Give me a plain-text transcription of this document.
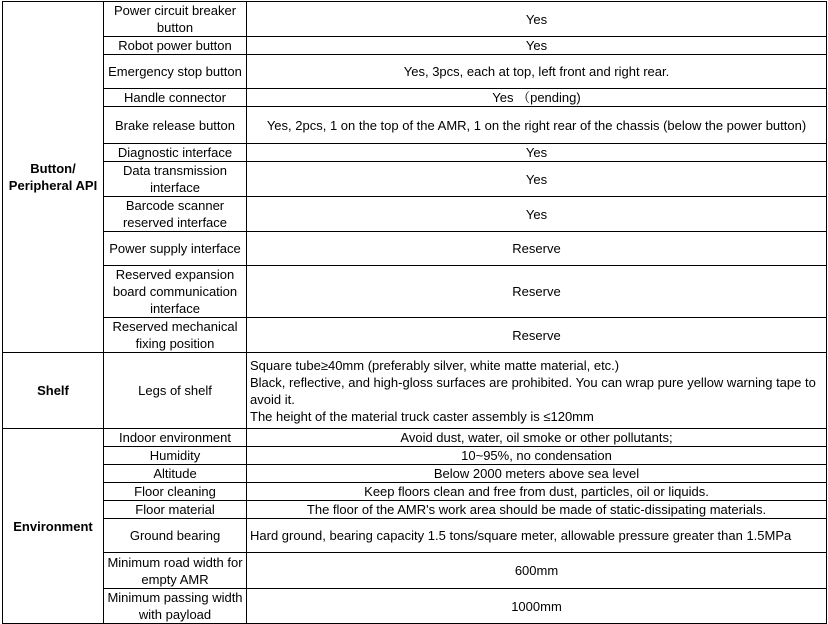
Button/
Peripheral API	Power circuit breaker button	Yes
	Robot power button	Yes
	Emergency stop button	Yes, 3pcs, each at top, left front and right rear.
	Handle connector	Yes （pending)
	Brake release button	Yes, 2pcs, 1 on the top of the AMR, 1 on the right rear of the chassis (below the power button)
	Diagnostic interface	Yes
	Data transmission interface	Yes
	Barcode scanner reserved interface	Yes
	Power supply interface	Reserve
	Reserved expansion board communication interface	Reserve
	Reserved mechanical fixing position	Reserve
Shelf	Legs of shelf	Square tube≥40mm (preferably silver, white matte material, etc.)
Black, reflective, and high-gloss surfaces are prohibited. You can wrap pure yellow warning tape to avoid it.
The height of the material truck caster assembly is ≤120mm

Environment	Indoor environment	Avoid dust, water, oil smoke or other pollutants;
	Humidity	10~95%, no condensation
	Altitude	Below 2000 meters above sea level
	Floor cleaning	Keep floors clean and free from dust, particles, oil or liquids.
	Floor material	The floor of the AMR's work area should be made of static-dissipating materials.
	Ground bearing	Hard ground, bearing capacity 1.5 tons/square meter, allowable pressure greater than 1.5MPa
	Minimum road width for empty AMR	600mm
	Minimum passing width with payload	1000mm
